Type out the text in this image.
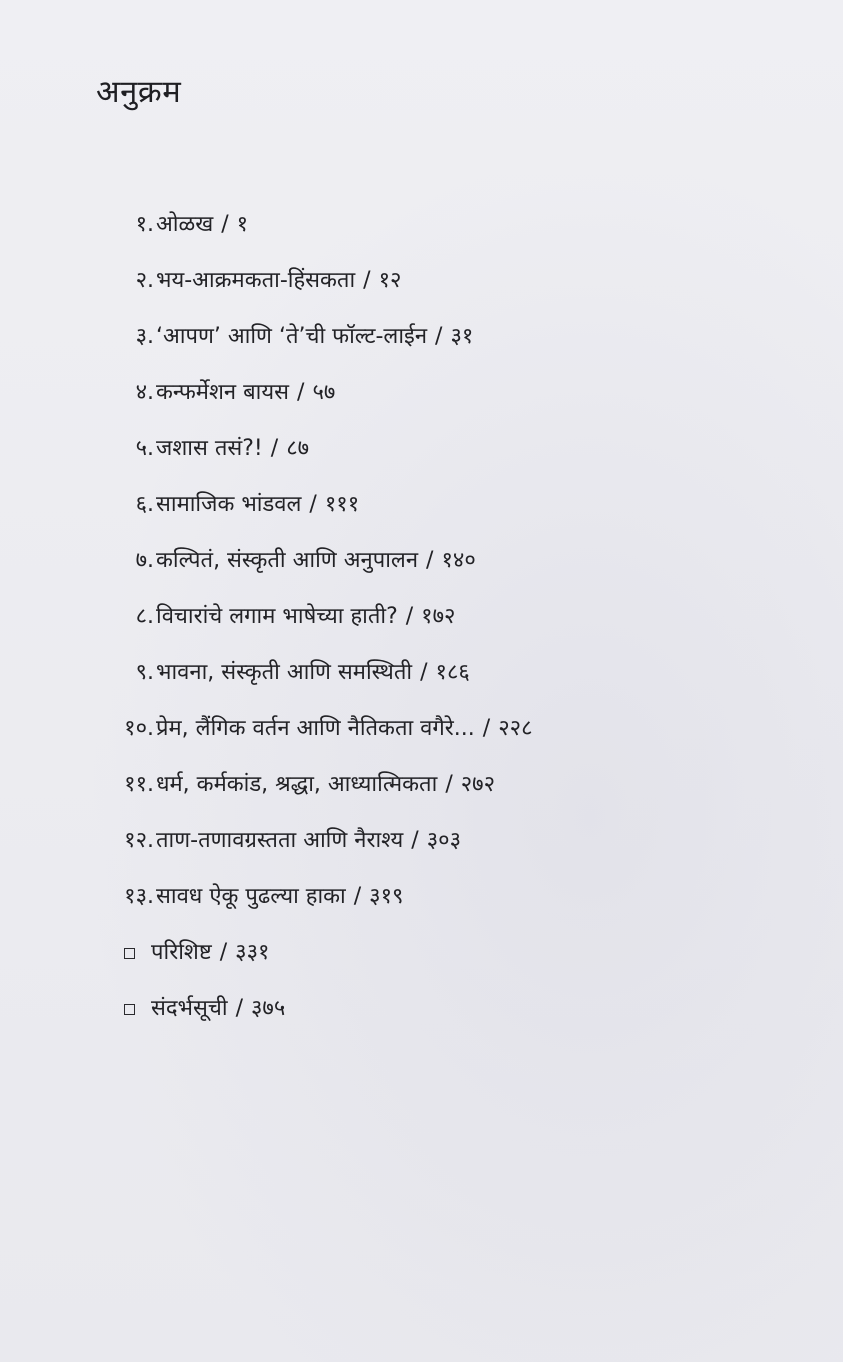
अनुक्रम
१. ओळख / १
२. भय-आक्रमकता-हिंसकता / १२
३. ‘आपण’ आणि ‘ते’ची फॉल्ट-लाईन / ३१
४. कन्फर्मेशन बायस / ५७
५. जशास तसं?! / ८७
६. सामाजिक भांडवल / १११
७. कल्पितं, संस्कृती आणि अनुपालन / १४०
८. विचारांचे लगाम भाषेच्या हाती? / १७२
९. भावना, संस्कृती आणि समस्थिती / १८६
१०. प्रेम, लैंगिक वर्तन आणि नैतिकता वगैरे... / २२८
११. धर्म, कर्मकांड, श्रद्धा, आध्यात्मिकता / २७२
१२. ताण-तणावग्रस्तता आणि नैराश्य / ३०३
१३. सावध ऐकू पुढल्या हाका / ३१९
परिशिष्ट / ३३१
संदर्भसूची / ३७५
